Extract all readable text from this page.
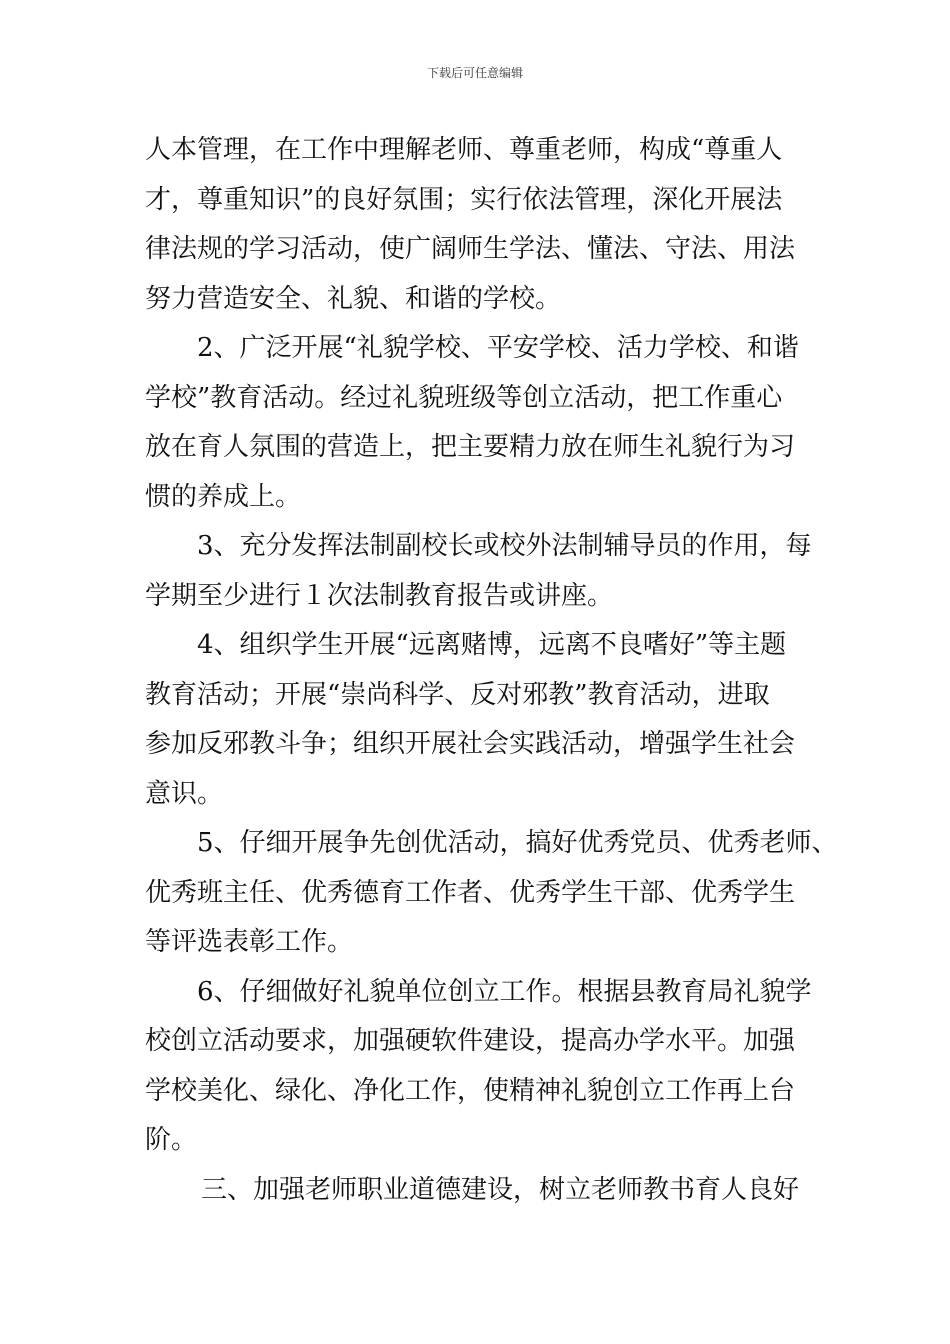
下载后可任意编辑
人本管理，在工作中理解老师、尊重老师，构成“尊重人
才，尊重知识”的良好氛围；实行依法管理，深化开展法
律法规的学习活动，使广阔师生学法、懂法、守法、用法
努力营造安全、礼貌、和谐的学校。
2、广泛开展“礼貌学校、平安学校、活力学校、和谐
学校”教育活动。经过礼貌班级等创立活动，把工作重心
放在育人氛围的营造上，把主要精力放在师生礼貌行为习
惯的养成上。
3、充分发挥法制副校长或校外法制辅导员的作用，每
学期至少进行１次法制教育报告或讲座。
4、组织学生开展“远离赌博，远离不良嗜好”等主题
教育活动；开展“崇尚科学、反对邪教”教育活动，进取
参加反邪教斗争；组织开展社会实践活动，增强学生社会
意识。
5、仔细开展争先创优活动，搞好优秀党员、优秀老师、
优秀班主任、优秀德育工作者、优秀学生干部、优秀学生
等评选表彰工作。
6、仔细做好礼貌单位创立工作。根据县教育局礼貌学
校创立活动要求，加强硬软件建设，提高办学水平。加强
学校美化、绿化、净化工作，使精神礼貌创立工作再上台
阶。
三、加强老师职业道德建设，树立老师教书育人良好
